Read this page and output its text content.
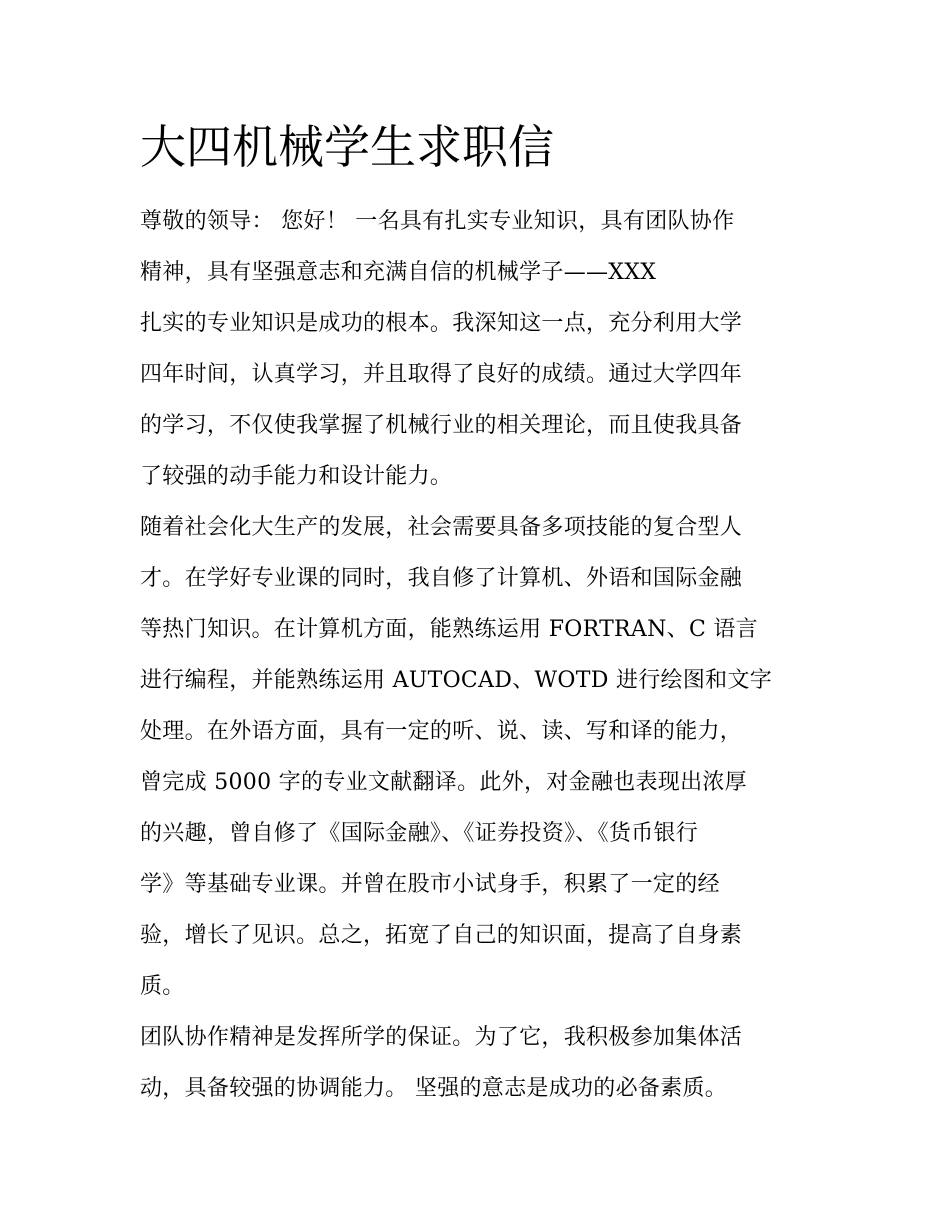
大四机械学生求职信
尊敬的领导： 您好！ 一名具有扎实专业知识，具有团队协作
精神，具有坚强意志和充满自信的机械学子——XXX
扎实的专业知识是成功的根本。我深知这一点，充分利用大学
四年时间，认真学习，并且取得了良好的成绩。通过大学四年
的学习，不仅使我掌握了机械行业的相关理论，而且使我具备
了较强的动手能力和设计能力。
随着社会化大生产的发展，社会需要具备多项技能的复合型人
才。在学好专业课的同时，我自修了计算机、外语和国际金融
等热门知识。在计算机方面，能熟练运用 FORTRAN、C 语言
进行编程，并能熟练运用 AUTOCAD、WOTD 进行绘图和文字
处理。在外语方面，具有一定的听、说、读、写和译的能力，
曾完成 5000 字的专业文献翻译。此外，对金融也表现出浓厚
的兴趣，曾自修了《国际金融》、《证券投资》、《货币银行
学》等基础专业课。并曾在股市小试身手，积累了一定的经
验，增长了见识。总之，拓宽了自己的知识面，提高了自身素
质。
团队协作精神是发挥所学的保证。为了它，我积极参加集体活
动，具备较强的协调能力。 坚强的意志是成功的必备素质。
